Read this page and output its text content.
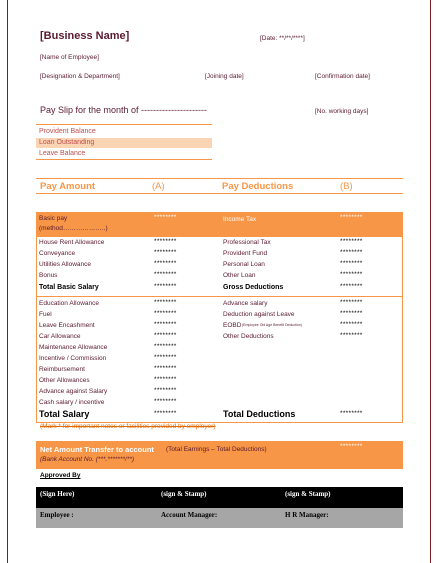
[Business Name]	[Date: **/**/****]
[Name of Employee]
[Designation & Department]	[Joining date]	[Confirmation date]
Pay Slip for the month of ----------------------	[No. working days]
Provident Balance
Loan Outstanding
Leave Balance
Pay Amount	(A)	Pay Deductions	(B)
Basic pay
(method………………..)
********	Income Tax	********
House Rent Allowance	********	Professional Tax	********
Conveyance	********	Provident Fund	********
Utilities Allowance	********	Personal Loan	********
Bonus	********	Other Loan	********
Total Basic Salary	********	Gross Deductions	********
Education Allowance	********	Advance salary	********
Fuel	********	Deduction against Leave	********
Leave Encashment	********	EOBD (Employee Old Age Benefit Deduction)	********
Car Allowance	********	Other Deductions	********
Maintenance Allowance	********
Incentive / Commission	********
Reimbursement	********
Other Allowances	********
Advance against Salary	********
Cash salary / incentive	********
Total Salary	********	Total Deductions	********
(Mark * for important notes or facilities provided by employer)
Net Amount Transfer to account (Total Earnings – Total Deductions)	********
(Bank Account No. (***.*******/**)
Approved By
(Sign Here)	(sign & Stamp)	(sign & Stamp)
Employee :	Account Manager:	H R Manager:
